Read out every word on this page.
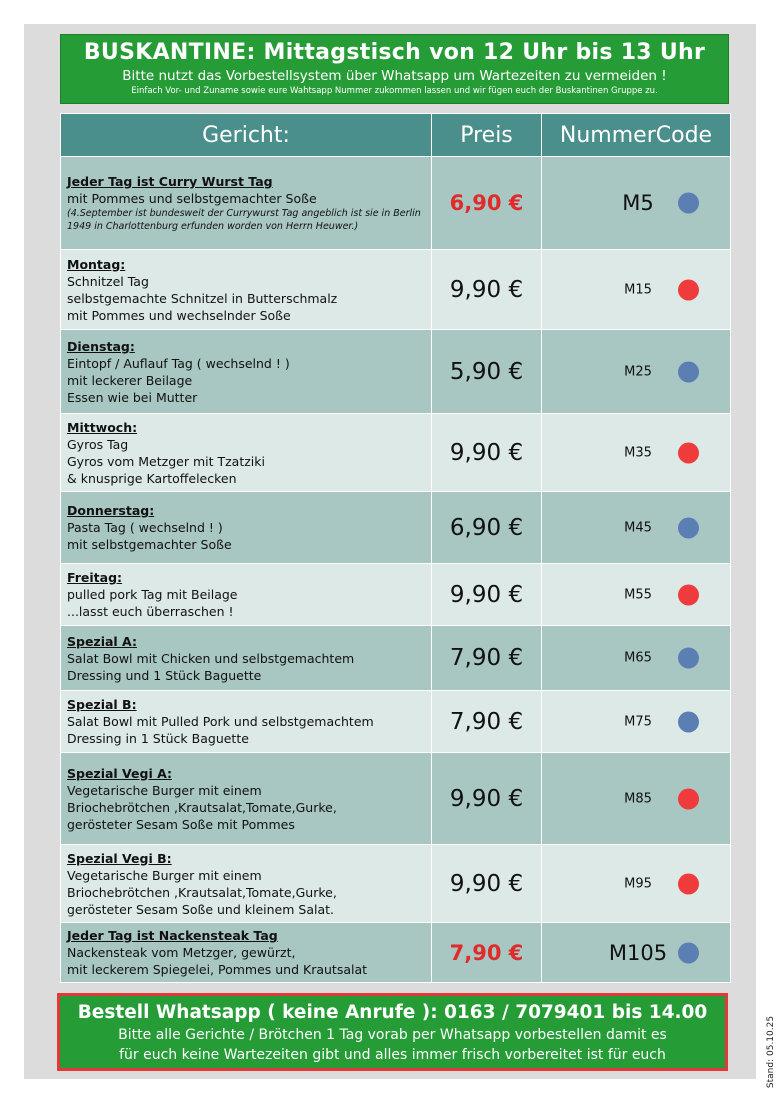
BUSKANTINE: Mittagstisch von 12 Uhr bis 13 Uhr
Bitte nutzt das Vorbestellsystem über Whatsapp um Wartezeiten zu vermeiden !
Einfach Vor- und Zuname sowie eure Wahtsapp Nummer zukommen lassen und wir fügen euch der Buskantinen Gruppe zu.
Gericht:	Preis	NummerCode

Jeder Tag ist Curry Wurst Tag
mit Pommes und selbstgemachter Soße
(4.September ist bundesweit der Currywurst Tag angeblich ist sie in Berlin 1949 in Charlottenburg erfunden worden von Herrn Heuwer.)	6,90 €	M5

Montag:
Schnitzel Tag
selbstgemachte Schnitzel in Butterschmalz
mit Pommes und wechselnder Soße	9,90 €	M15

Dienstag:
Eintopf / Auflauf Tag ( wechselnd ! )
mit leckerer Beilage
Essen wie bei Mutter	5,90 €	M25

Mittwoch:
Gyros Tag
Gyros vom Metzger mit Tzatziki
& knusprige Kartoffelecken	9,90 €	M35

Donnerstag:
Pasta Tag ( wechselnd ! )
mit selbstgemachter Soße	6,90 €	M45

Freitag:
pulled pork Tag mit Beilage
...lasst euch überraschen !	9,90 €	M55

Spezial A:
Salat Bowl mit Chicken und selbstgemachtem
Dressing und 1 Stück Baguette	7,90 €	M65

Spezial B:
Salat Bowl mit Pulled Pork und selbstgemachtem
Dressing in 1 Stück Baguette	7,90 €	M75

Spezial Vegi A:
Vegetarische Burger mit einem
Briochebrötchen ,Krautsalat,Tomate,Gurke,
gerösteter Sesam Soße mit Pommes	9,90 €	M85

Spezial Vegi B:
Vegetarische Burger mit einem
Briochebrötchen ,Krautsalat,Tomate,Gurke,
gerösteter Sesam Soße und kleinem Salat.	9,90 €	M95

Jeder Tag ist Nackensteak Tag
Nackensteak vom Metzger, gewürzt,
mit leckerem Spiegelei, Pommes und Krautsalat	7,90 €	M105
Bestell Whatsapp ( keine Anrufe ): 0163 / 7079401 bis 14.00
Bitte alle Gerichte / Brötchen 1 Tag vorab per Whatsapp vorbestellen damit es
für euch keine Wartezeiten gibt und alles immer frisch vorbereitet ist für euch	Stand: 05.10.25
